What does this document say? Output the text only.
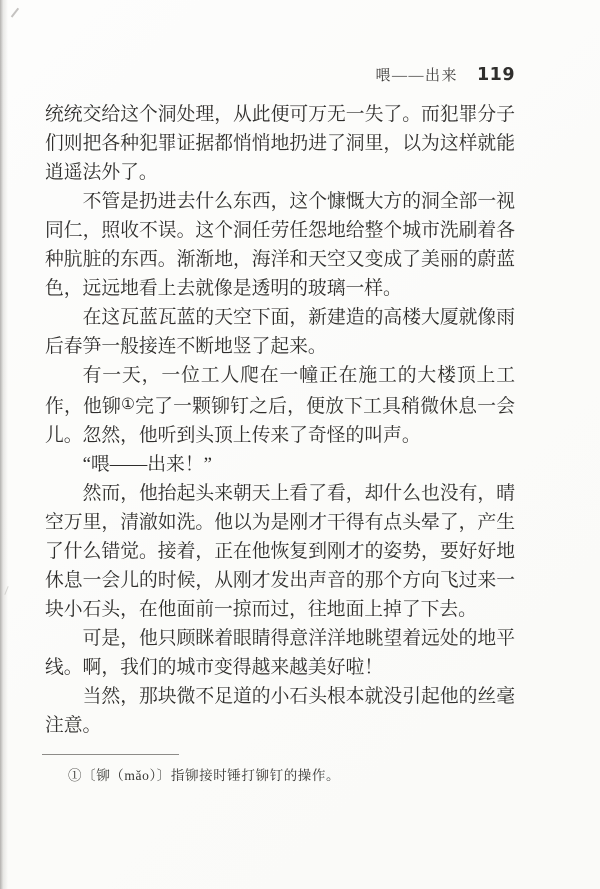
喂——出来 119

统统交给这个洞处理，从此便可万无一失了。而犯罪分子们则把各种犯罪证据都悄悄地扔进了洞里，以为这样就能逍遥法外了。

不管是扔进去什么东西，这个慷慨大方的洞全部一视同仁，照收不误。这个洞任劳任怨地给整个城市洗刷着各种肮脏的东西。渐渐地，海洋和天空又变成了美丽的蔚蓝色，远远地看上去就像是透明的玻璃一样。

在这瓦蓝瓦蓝的天空下面，新建造的高楼大厦就像雨后春笋一般接连不断地竖了起来。

有一天，一位工人爬在一幢正在施工的大楼顶上工作，他铆①完了一颗铆钉之后，便放下工具稍微休息一会儿。忽然，他听到头顶上传来了奇怪的叫声。

“喂——出来！”

然而，他抬起头来朝天上看了看，却什么也没有，晴空万里，清澈如洗。他以为是刚才干得有点头晕了，产生了什么错觉。接着，正在他恢复到刚才的姿势，要好好地休息一会儿的时候，从刚才发出声音的那个方向飞过来一块小石头，在他面前一掠而过，往地面上掉了下去。

可是，他只顾眯着眼睛得意洋洋地眺望着远处的地平线。啊，我们的城市变得越来越美好啦！

当然，那块微不足道的小石头根本就没引起他的丝毫注意。

①〔铆（mǎo）〕指铆接时锤打铆钉的操作。
